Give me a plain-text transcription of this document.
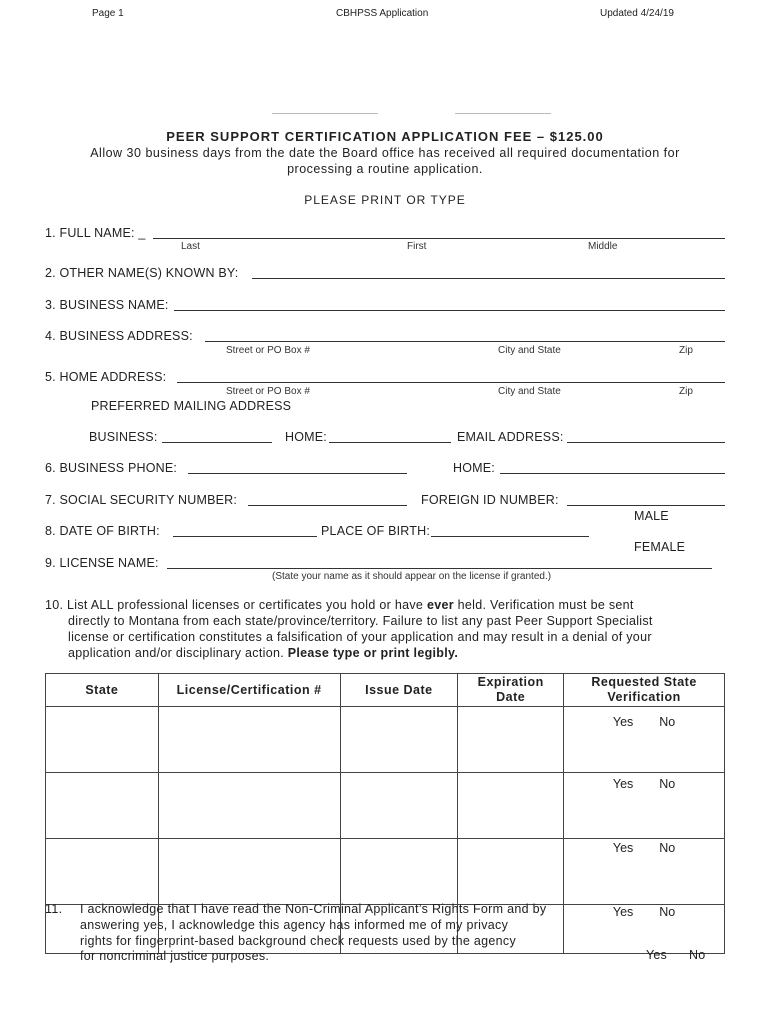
Page 1	CBHPSS Application	Updated 4/24/19
PEER SUPPORT CERTIFICATION APPLICATION FEE – $125.00
Allow 30 business days from the date the Board office has received all required documentation for
processing a routine application.
PLEASE PRINT OR TYPE
1. FULL NAME: _
Last	First	Middle
2. OTHER NAME(S) KNOWN BY:
3. BUSINESS NAME:
4. BUSINESS ADDRESS:
Street or PO Box #	City and State	Zip
5. HOME ADDRESS:
Street or PO Box #	City and State	Zip
PREFERRED MAILING ADDRESS
BUSINESS:	HOME:	EMAIL ADDRESS:
6. BUSINESS PHONE:	HOME:
7. SOCIAL SECURITY NUMBER:	FOREIGN ID NUMBER:
MALE
8. DATE OF BIRTH:	PLACE OF BIRTH:
FEMALE
9. LICENSE NAME:
(State your name as it should appear on the license if granted.)
10. List ALL professional licenses or certificates you hold or have ever held. Verification must be sent
directly to Montana from each state/province/territory. Failure to list any past Peer Support Specialist
license or certification constitutes a falsification of your application and may result in a denial of your
application and/or disciplinary action. Please type or print legibly.
State	License/Certification #	Issue Date	Expiration Date	Requested State Verification

				Yes No

				Yes No

				Yes No

				Yes No
11. I acknowledge that I have read the Non-Criminal Applicant’s Rights Form and by
answering yes, I acknowledge this agency has informed me of my privacy
rights for fingerprint-based background check requests used by the agency
for noncriminal justice purposes.	Yes No
